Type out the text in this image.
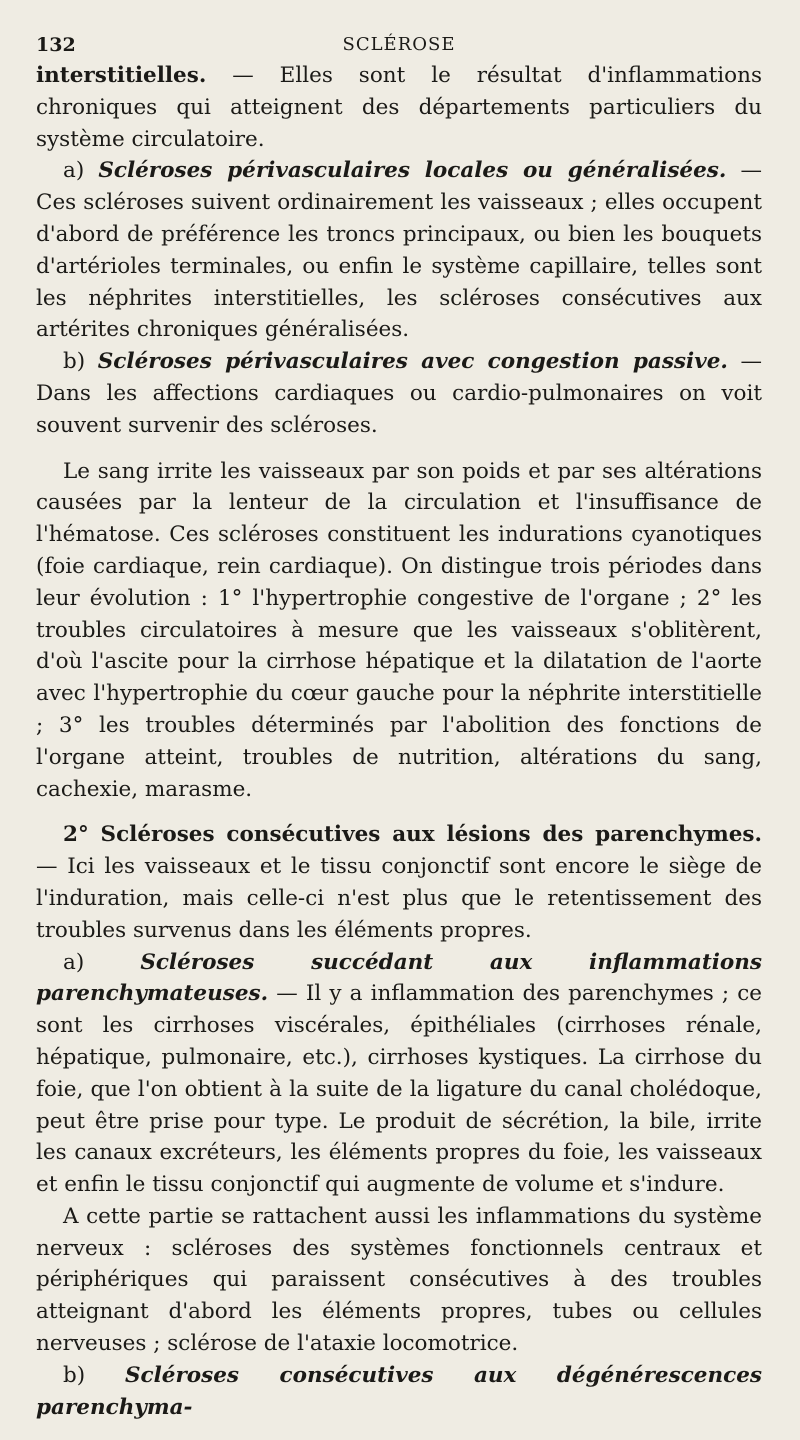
132	SCLÉROSE

interstitielles. — Elles sont le résultat d'inflammations chroniques qui atteignent des départements particuliers du système circulatoire.

a) Scléroses périvasculaires locales ou généralisées. — Ces scléroses suivent ordinairement les vaisseaux ; elles occupent d'abord de préférence les troncs principaux, ou bien les bouquets d'artérioles terminales, ou enfin le système capillaire, telles sont les néphrites interstitielles, les scléroses consécutives aux artérites chroniques généralisées.

b) Scléroses périvasculaires avec congestion passive. — Dans les affections cardiaques ou cardio-pulmonaires on voit souvent survenir des scléroses.

Le sang irrite les vaisseaux par son poids et par ses altérations causées par la lenteur de la circulation et l'insuffisance de l'hématose. Ces scléroses constituent les indurations cyanotiques (foie cardiaque, rein cardiaque). On distingue trois périodes dans leur évolution : 1° l'hypertrophie congestive de l'organe ; 2° les troubles circulatoires à mesure que les vaisseaux s'oblitèrent, d'où l'ascite pour la cirrhose hépatique et la dilatation de l'aorte avec l'hypertrophie du cœur gauche pour la néphrite interstitielle ; 3° les troubles déterminés par l'abolition des fonctions de l'organe atteint, troubles de nutrition, altérations du sang, cachexie, marasme.

2° Scléroses consécutives aux lésions des parenchymes. — Ici les vaisseaux et le tissu conjonctif sont encore le siège de l'induration, mais celle-ci n'est plus que le retentissement des troubles survenus dans les éléments propres.

a)	Scléroses succédant aux inflammations parenchymateuses. — Il y a inflammation des parenchymes ; ce sont les cirrhoses viscérales, épithéliales (cirrhoses rénale, hépatique, pulmonaire, etc.), cirrhoses kystiques. La cirrhose du foie, que l'on obtient à la suite de la ligature du canal cholédoque, peut être prise pour type. Le produit de sécrétion, la bile, irrite les canaux excréteurs, les éléments propres du foie, les vaisseaux et enfin le tissu conjonctif qui augmente de volume et s'indure.

A cette partie se rattachent aussi les inflammations du système nerveux : scléroses des systèmes fonctionnels centraux et périphériques qui paraissent consécutives à des troubles atteignant d'abord les éléments propres, tubes ou cellules nerveuses ; sclérose de l'ataxie locomotrice.

b) Scléroses consécutives aux dégénérescences parenchyma-
